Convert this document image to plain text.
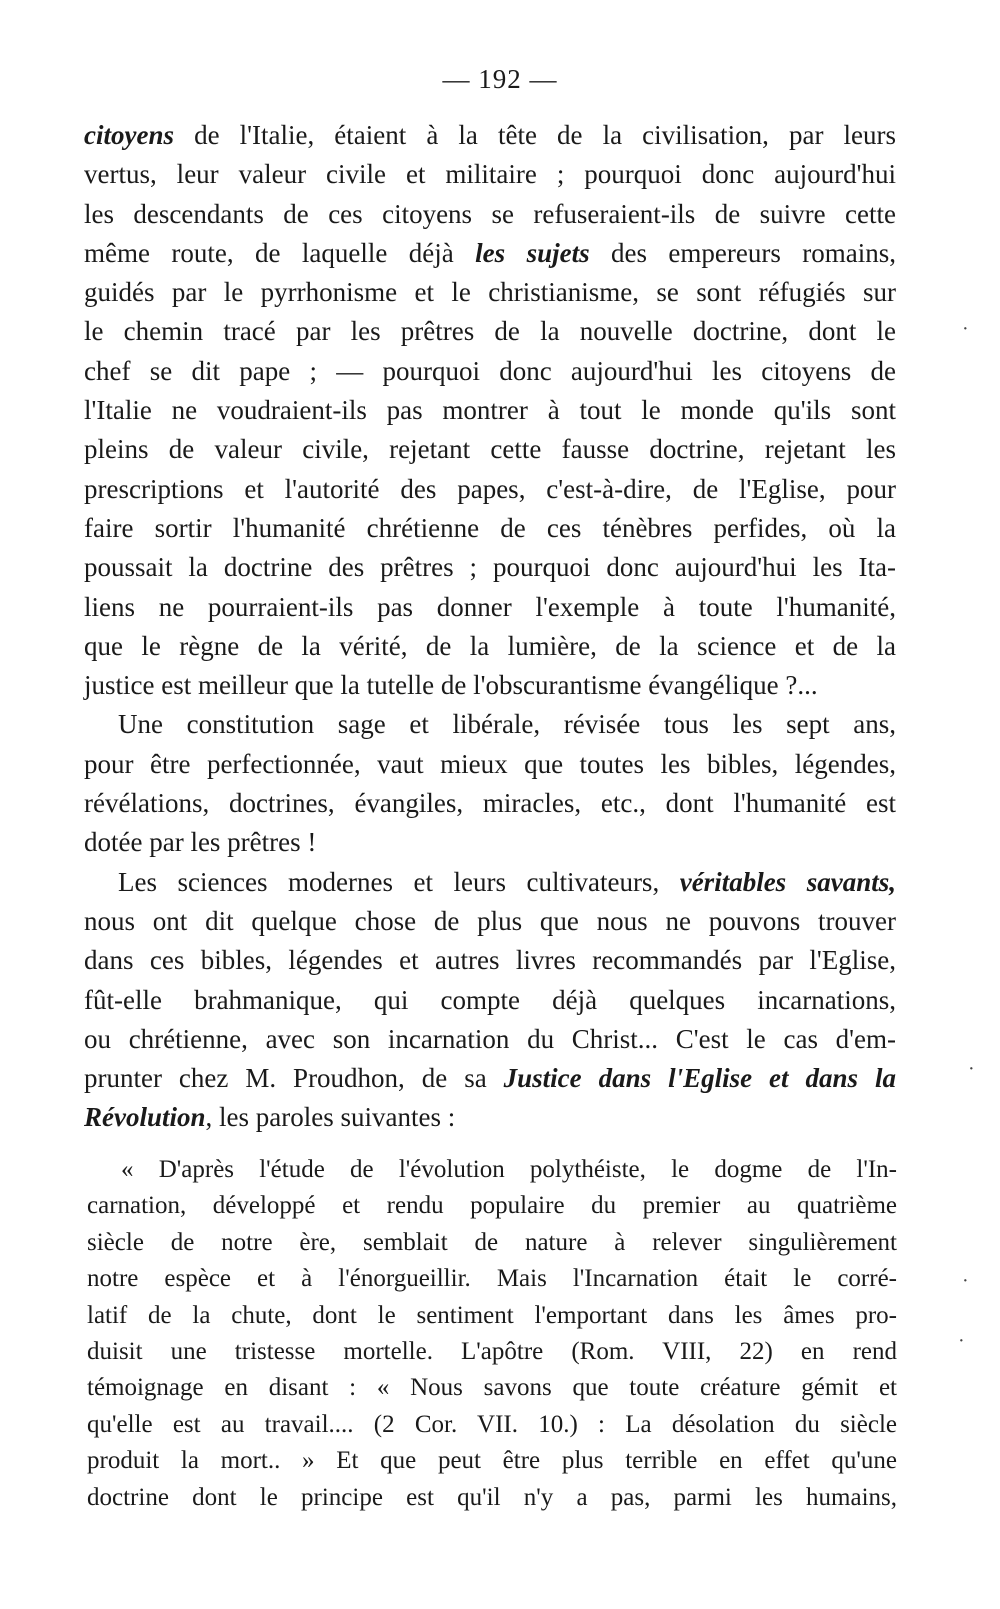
— 192 —
citoyens de l'Italie, étaient à la tête de la civilisation, par leurs
vertus, leur valeur civile et militaire ; pourquoi donc aujourd'hui
les descendants de ces citoyens se refuseraient-ils de suivre cette
même route, de laquelle déjà les sujets des empereurs romains,
guidés par le pyrrhonisme et le christianisme, se sont réfugiés sur
le chemin tracé par les prêtres de la nouvelle doctrine, dont le
chef se dit pape ; — pourquoi donc aujourd'hui les citoyens de
l'Italie ne voudraient-ils pas montrer à tout le monde qu'ils sont
pleins de valeur civile, rejetant cette fausse doctrine, rejetant les
prescriptions et l'autorité des papes, c'est-à-dire, de l'Eglise, pour
faire sortir l'humanité chrétienne de ces ténèbres perfides, où la
poussait la doctrine des prêtres ; pourquoi donc aujourd'hui les Ita-
liens ne pourraient-ils pas donner l'exemple à toute l'humanité,
que le règne de la vérité, de la lumière, de la science et de la
justice est meilleur que la tutelle de l'obscurantisme évangélique ?...
Une constitution sage et libérale, révisée tous les sept ans,
pour être perfectionnée, vaut mieux que toutes les bibles, légendes,
révélations, doctrines, évangiles, miracles, etc., dont l'humanité est
dotée par les prêtres !
Les sciences modernes et leurs cultivateurs, véritables savants,
nous ont dit quelque chose de plus que nous ne pouvons trouver
dans ces bibles, légendes et autres livres recommandés par l'Eglise,
fût-elle brahmanique, qui compte déjà quelques incarnations,
ou chrétienne, avec son incarnation du Christ... C'est le cas d'em-
prunter chez M. Proudhon, de sa Justice dans l'Eglise et dans la
Révolution, les paroles suivantes :
« D'après l'étude de l'évolution polythéiste, le dogme de l'In-
carnation, développé et rendu populaire du premier au quatrième
siècle de notre ère, semblait de nature à relever singulièrement
notre espèce et à l'énorgueillir. Mais l'Incarnation était le corré-
latif de la chute, dont le sentiment l'emportant dans les âmes pro-
duisit une tristesse mortelle. L'apôtre (Rom. VIII, 22) en rend
témoignage en disant : « Nous savons que toute créature gémit et
qu'elle est au travail.... (2 Cor. VII. 10.) : La désolation du siècle
produit la mort.. » Et que peut être plus terrible en effet qu'une
doctrine dont le principe est qu'il n'y a pas, parmi les humains,
·
·
·
·
